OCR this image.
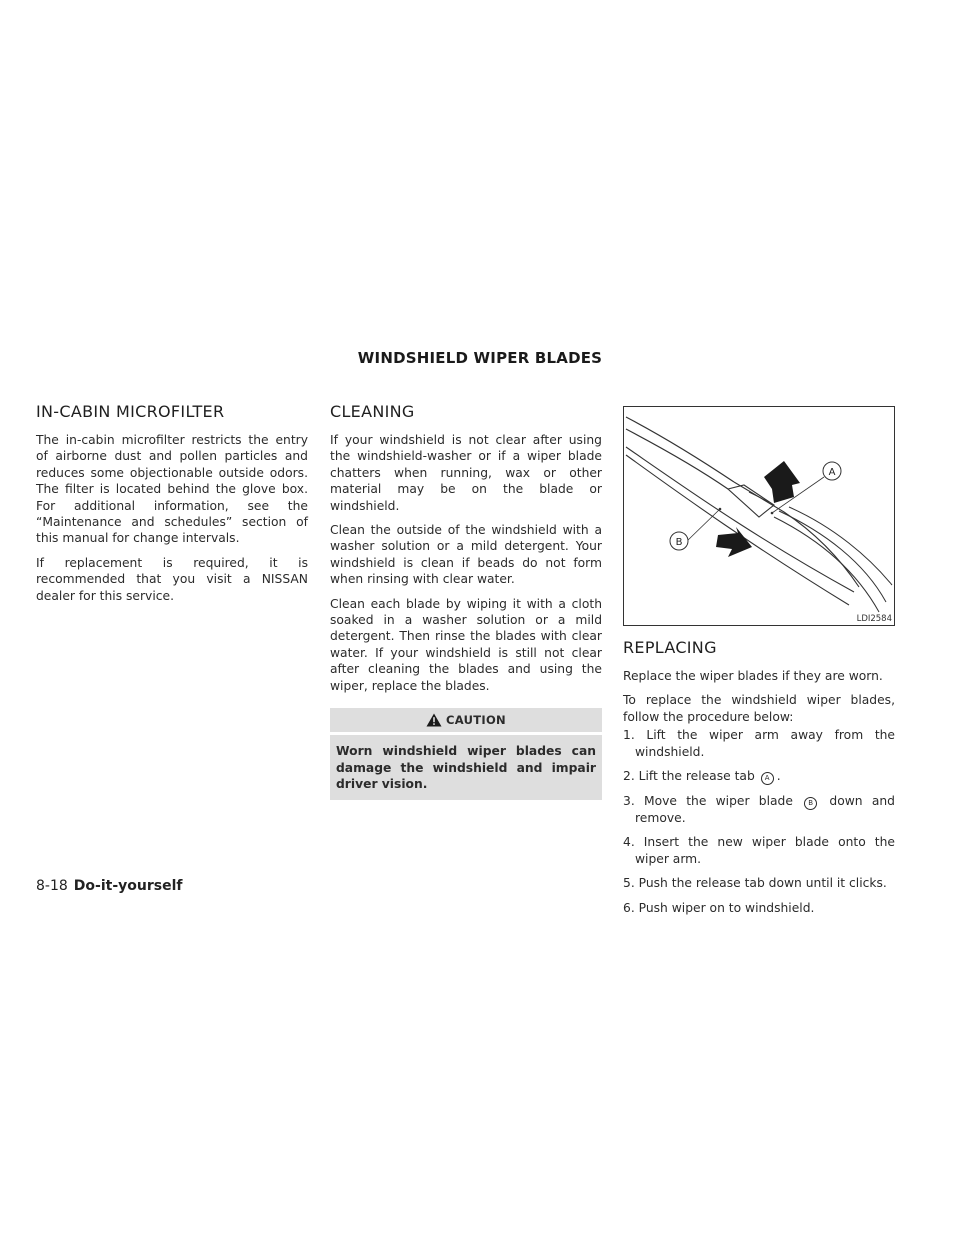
WINDSHIELD WIPER BLADES
IN-CABIN MICROFILTER

The in-cabin microfilter restricts the entry of airborne dust and pollen particles and reduces some objectionable outside odors. The filter is located behind the glove box. For additional information, see the “Maintenance and schedules” section of this manual for change intervals.

If replacement is required, it is recommended that you visit a NISSAN dealer for this service.

CLEANING

If your windshield is not clear after using the windshield-washer or if a wiper blade chatters when running, wax or other material may be on the blade or windshield.

Clean the outside of the windshield with a washer solution or a mild detergent. Your windshield is clean if beads do not form when rinsing with clear water.

Clean each blade by wiping it with a cloth soaked in a washer solution or a mild detergent. Then rinse the blades with clear water. If your windshield is still not clear after cleaning the blades and using the wiper, replace the blades.

CAUTION
Worn windshield wiper blades can damage the windshield and impair driver vision.
A
B
LDI2584
REPLACING

Replace the wiper blades if they are worn.

To replace the windshield wiper blades, follow the procedure below:

1. Lift the wiper arm away from the windshield.
2. Lift the release tab A .
3. Move the wiper blade B down and remove.
4. Insert the new wiper blade onto the wiper arm.
5. Push the release tab down until it clicks.
6. Push wiper on to windshield.
8-18 Do-it-yourself
